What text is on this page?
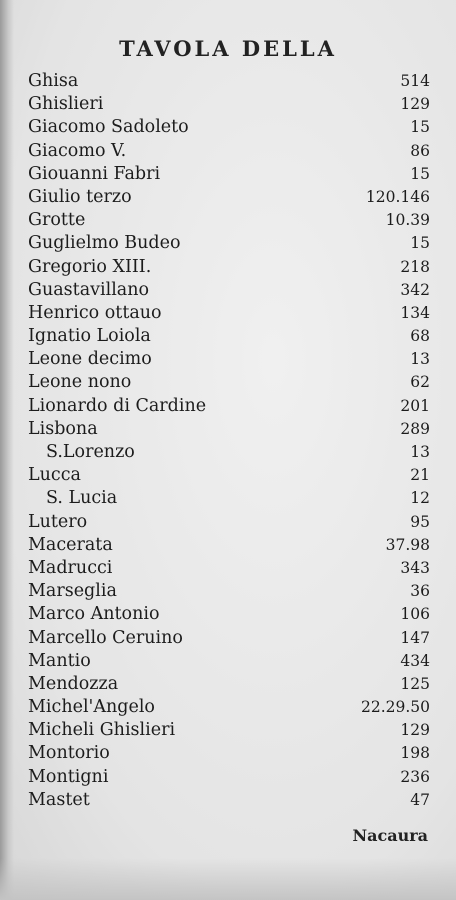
TAVOLA DELLA
Ghisa	514
Ghislieri	129
Giacomo Sadoleto	15
Giacomo V.	86
Giouanni Fabri	15
Giulio terzo	120.146
Grotte	10.39
Guglielmo Budeo	15
Gregorio XIII.	218
Guastavillano	342
Henrico ottauo	134
Ignatio Loiola	68
Leone decimo	13
Leone nono	62
Lionardo di Cardine	201
Lisbona	289
S.Lorenzo	13
Lucca	21
S. Lucia	12
Lutero	95
Macerata	37.98
Madrucci	343
Marseglia	36
Marco Antonio	106
Marcello Ceruino	147
Mantio	434
Mendozza	125
Michel'Angelo	22.29.50
Micheli Ghislieri	129
Montorio	198
Montigni	236
Mastet	47
Nacaura
